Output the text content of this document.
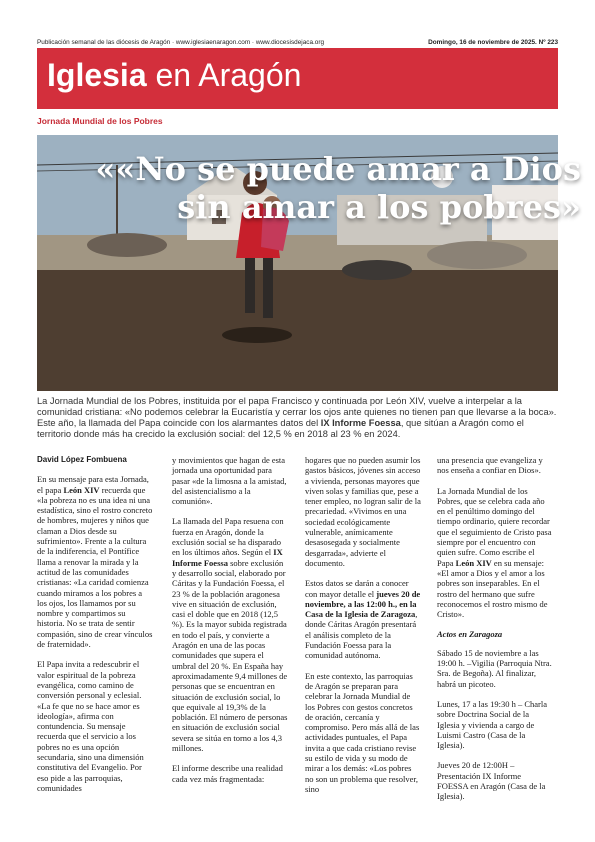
Publicación semanal de las diócesis de Aragón · www.iglesiaenaragon.com · www.diocesisdejaca.org	Domingo, 16 de noviembre de 2025. Nº 223
Iglesia en Aragón
Jornada Mundial de los Pobres
««No se puede amar a Dios sin amar a los pobres»
La Jornada Mundial de los Pobres, instituida por el papa Francisco y continuada por León XIV, vuelve a interpelar a la comunidad cristiana: «No podemos celebrar la Eucaristía y cerrar los ojos ante quienes no tienen pan que llevarse a la boca». Este año, la llamada del Papa coincide con los alarmantes datos del IX Informe Foessa, que sitúan a Aragón como el territorio donde más ha crecido la exclusión social: del 12,5 % en 2018 al 23 % en 2024.

David López Fombuena

En su mensaje para esta Jornada, el papa León XIV recuerda que «la pobreza no es una idea ni una estadística, sino el rostro concreto de hombres, mujeres y niños que claman a Dios desde su sufrimiento». Frente a la cultura de la indiferencia, el Pontífice llama a renovar la mirada y la actitud de las comunidades cristianas: «La caridad comienza cuando miramos a los pobres a los ojos, los llamamos por su nombre y compartimos su historia. No se trata de sentir compasión, sino de crear vínculos de fraternidad».

El Papa invita a redescubrir el valor espiritual de la pobreza evangélica, como camino de conversión personal y eclesial. «La fe que no se hace amor es ideología», afirma con contundencia. Su mensaje recuerda que el servicio a los pobres no es una opción secundaria, sino una dimensión constitutiva del Evangelio. Por eso pide a las parroquias, comunidades

y movimientos que hagan de esta jornada una oportunidad para pasar «de la limosna a la amistad, del asistencialismo a la comunión».

La llamada del Papa resuena con fuerza en Aragón, donde la exclusión social se ha disparado en los últimos años. Según el IX Informe Foessa sobre exclusión y desarrollo social, elaborado por Cáritas y la Fundación Foessa, el 23 % de la población aragonesa vive en situación de exclusión, casi el doble que en 2018 (12,5 %). Es la mayor subida registrada en todo el país, y convierte a Aragón en una de las pocas comunidades que supera el umbral del 20 %. En España hay aproximadamente 9,4 millones de personas que se encuentran en situación de exclusión social, lo que equivale al 19,3% de la población. El número de personas en situación de exclusión social severa se sitúa en torno a los 4,3 millones.

El informe describe una realidad cada vez más fragmentada:

hogares que no pueden asumir los gastos básicos, jóvenes sin acceso a vivienda, personas mayores que viven solas y familias que, pese a tener empleo, no logran salir de la precariedad. «Vivimos en una sociedad ecológicamente vulnerable, anímicamente desasosegada y socialmente desgarrada», advierte el documento.

Estos datos se darán a conocer con mayor detalle el jueves 20 de noviembre, a las 12:00 h., en la Casa de la Iglesia de Zaragoza, donde Cáritas Aragón presentará el análisis completo de la Fundación Foessa para la comunidad autónoma.

En este contexto, las parroquias de Aragón se preparan para celebrar la Jornada Mundial de los Pobres con gestos concretos de oración, cercanía y compromiso. Pero más allá de las actividades puntuales, el Papa invita a que cada cristiano revise su estilo de vida y su modo de mirar a los demás: «Los pobres no son un problema que resolver, sino

una presencia que evangeliza y nos enseña a confiar en Dios».

La Jornada Mundial de los Pobres, que se celebra cada año en el penúltimo domingo del tiempo ordinario, quiere recordar que el seguimiento de Cristo pasa siempre por el encuentro con quien sufre. Como escribe el Papa León XIV en su mensaje: «El amor a Dios y el amor a los pobres son inseparables. En el rostro del hermano que sufre reconocemos el rostro mismo de Cristo».

Actos en Zaragoza

Sábado 15 de noviembre a las 19:00 h. –Vigilia (Parroquia Ntra. Sra. de Begoña). Al finalizar, habrá un picoteo.

Lunes, 17 a las 19:30 h – Charla sobre Doctrina Social de la Iglesia y vivienda a cargo de Luismi Castro (Casa de la Iglesia).

Jueves 20 de 12:00H – Presentación IX Informe FOESSA en Aragón (Casa de la Iglesia).
